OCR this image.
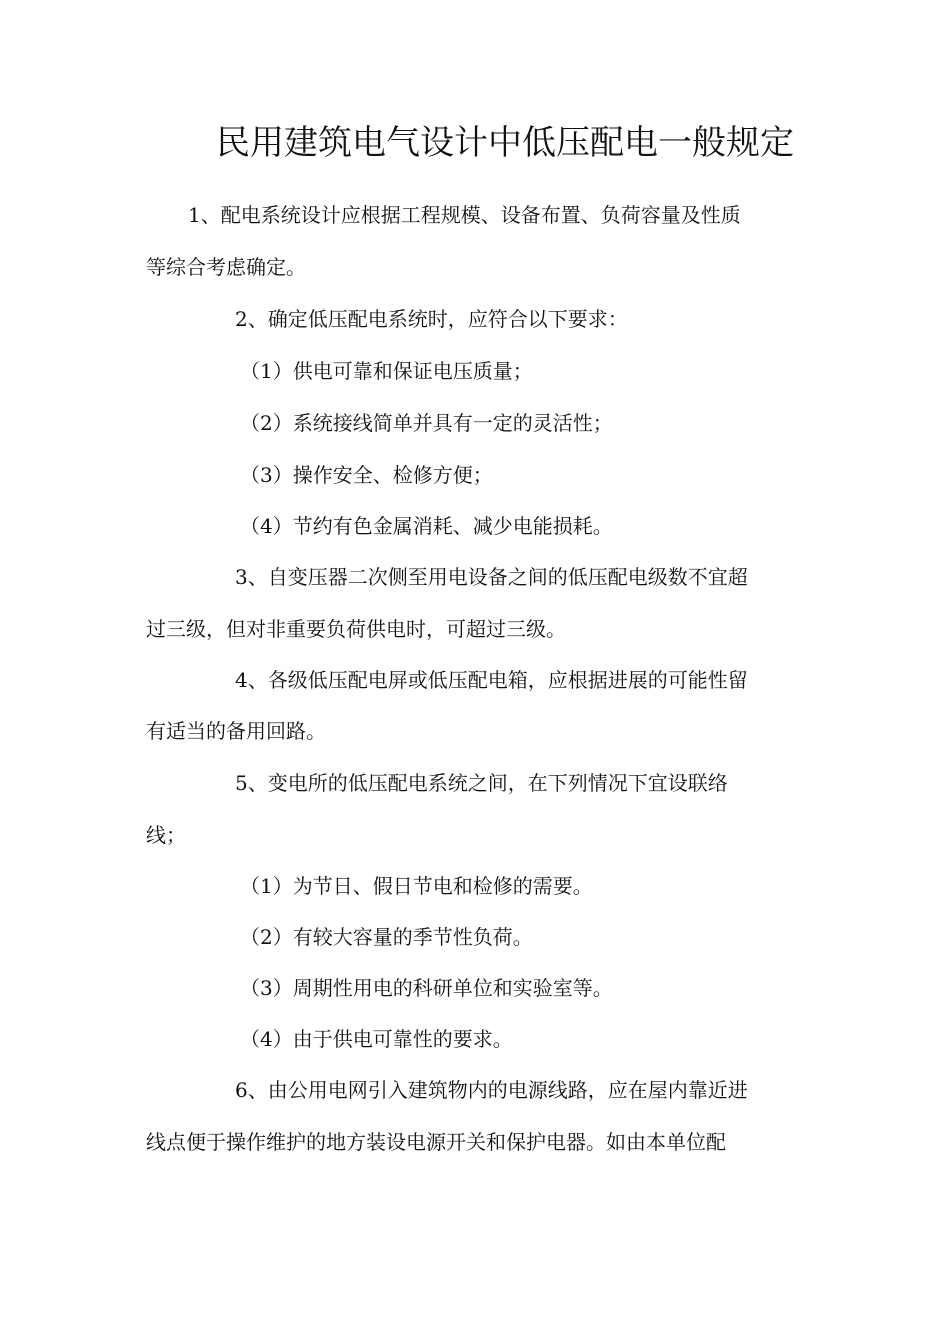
民用建筑电气设计中低压配电一般规定

1、配电系统设计应根据工程规模、设备布置、负荷容量及性质

等综合考虑确定。

2、确定低压配电系统时，应符合以下要求：

（1）供电可靠和保证电压质量；

（2）系统接线简单并具有一定的灵活性；

（3）操作安全、检修方便；

（4）节约有色金属消耗、减少电能损耗。

3、自变压器二次侧至用电设备之间的低压配电级数不宜超

过三级，但对非重要负荷供电时，可超过三级。

4、各级低压配电屏或低压配电箱，应根据进展的可能性留

有适当的备用回路。

5、变电所的低压配电系统之间，在下列情况下宜设联络

线；

（1）为节日、假日节电和检修的需要。

（2）有较大容量的季节性负荷。

（3）周期性用电的科研单位和实验室等。

（4）由于供电可靠性的要求。

6、由公用电网引入建筑物内的电源线路，应在屋内靠近进

线点便于操作维护的地方装设电源开关和保护电器。如由本单位配
